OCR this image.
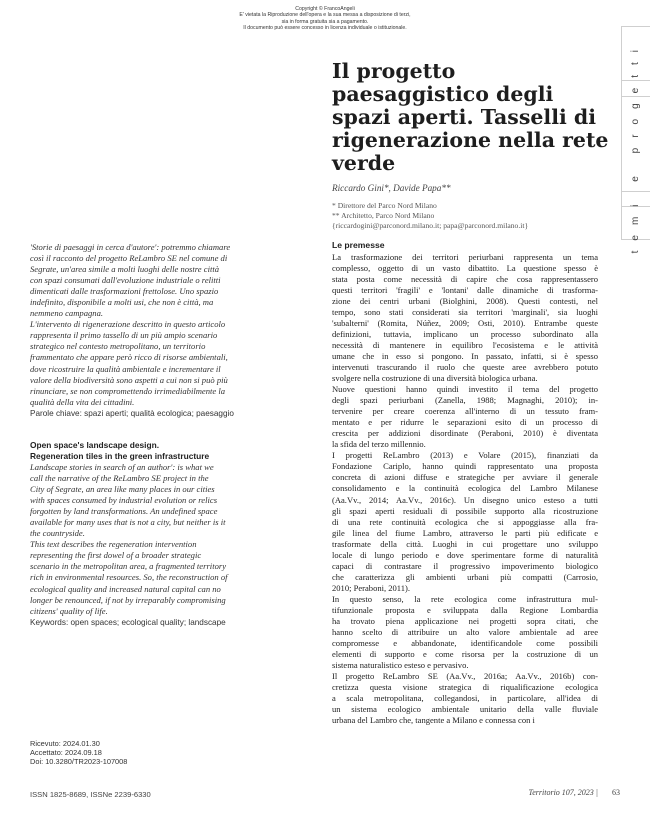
Copyright © FrancoAngeli
E' vietata la Riproduzione dell'opera e la sua messa a disposizione di terzi,
sia in forma gratuita sia a pagamento.
Il documento può essere concesso in licenza individuale o istituzionale.
temi e progetti
Il progetto paesaggistico degli spazi aperti. Tasselli di rigenerazione nella rete verde
Riccardo Gini*, Davide Papa**
* Direttore del Parco Nord Milano
** Architetto, Parco Nord Milano
{riccardogini@parconord.milano.it; papa@parconord.milano.it}

'Storie di paesaggi in cerca d'autore': potremmo chiamare

così il racconto del progetto ReLambro SE nel comune di

Segrate, un'area simile a molti luoghi delle nostre città

con spazi consumati dall'evoluzione industriale o relitti

dimenticati dalle trasformazioni frettolose. Uno spazio

indefinito, disponibile a molti usi, che non è città, ma

nemmeno campagna.

L'intervento di rigenerazione descritto in questo articolo

rappresenta il primo tassello di un più ampio scenario

strategico nel contesto metropolitano, un territorio

frammentato che appare però ricco di risorse ambientali,

dove ricostruire la qualità ambientale e incrementare il

valore della biodiversità sono aspetti a cui non si può più

rinunciare, se non compromettendo irrimediabilmente la

qualità della vita dei cittadini.

Parole chiave: spazi aperti; qualità ecologica; paesaggio
Open space's landscape design.
Regeneration tiles in the green infrastructure

Landscape stories in search of an author': is what we

call the narrative of the ReLambro SE project in the

City of Segrate, an area like many places in our cities

with spaces consumed by industrial evolution or relics

forgotten by land transformations. An undefined space

available for many uses that is not a city, but neither is it

the countryside.

This text describes the regeneration intervention

representing the first dowel of a broader strategic

scenario in the metropolitan area, a fragmented territory

rich in environmental resources. So, the reconstruction of

ecological quality and increased natural capital can no

longer be renounced, if not by irreparably compromising

citizens' quality of life.

Keywords: open spaces; ecological quality; landscape
Ricevuto: 2024.01.30
Accettato: 2024.09.18
Doi: 10.3280/TR2023-107008
Le premesse
La trasformazione dei territori periurbani rappresenta un tema
complesso, oggetto di un vasto dibattito. La questione spesso è
stata posta come necessità di capire che cosa rappresentassero
questi territori 'fragili' e 'lontani' dalle dinamiche di trasforma-
zione dei centri urbani (Biolghini, 2008). Questi contesti, nel
tempo, sono stati considerati sia territori 'marginali', sia luoghi
'subalterni' (Romita, Núñez, 2009; Osti, 2010). Entrambe queste
definizioni, tuttavia, implicano un processo subordinato alla
necessità di mantenere in equilibro l'ecosistema e le attività
umane che in esso si pongono. In passato, infatti, si è spesso
intervenuti trascurando il ruolo che queste aree avrebbero potuto
svolgere nella costruzione di una diversità biologica urbana.
Nuove questioni hanno quindi investito il tema del progetto
degli spazi periurbani (Zanella, 1988; Magnaghi, 2010); in-
tervenire per creare coerenza all'interno di un tessuto fram-
mentato e per ridurre le separazioni esito di un processo di
crescita per addizioni disordinate (Peraboni, 2010) è diventata
la sfida del terzo millennio.
I progetti ReLambro (2013) e Volare (2015), finanziati da
Fondazione Cariplo, hanno quindi rappresentato una proposta
concreta di azioni diffuse e strategiche per avviare il generale
consolidamento e la continuità ecologica del Lambro Milanese
(Aa.Vv., 2014; Aa.Vv., 2016c). Un disegno unico esteso a tutti
gli spazi aperti residuali di possibile supporto alla ricostruzione
di una rete continuità ecologica che si appoggiasse alla fra-
gile linea del fiume Lambro, attraverso le parti più edificate e
trasformate della città. Luoghi in cui progettare uno sviluppo
locale di lungo periodo e dove sperimentare forme di naturalità
capaci di contrastare il progressivo impoverimento biologico
che caratterizza gli ambienti urbani più compatti (Carrosio,
2010; Peraboni, 2011).
In questo senso, la rete ecologica come infrastruttura mul-
tifunzionale proposta e sviluppata dalla Regione Lombardia
ha trovato piena applicazione nei progetti sopra citati, che
hanno scelto di attribuire un alto valore ambientale ad aree
compromesse e abbandonate, identificandole come possibili
elementi di supporto e come risorsa per la costruzione di un
sistema naturalistico esteso e pervasivo.
Il progetto ReLambro SE (Aa.Vv., 2016a; Aa.Vv., 2016b) con-
cretizza questa visione strategica di riqualificazione ecologica
a scala metropolitana, collegandosi, in particolare, all'idea di
un sistema ecologico ambientale unitario della valle fluviale
urbana del Lambro che, tangente a Milano e connessa con i
ISSN 1825-8689, ISSNe 2239-6330	Territorio 107, 2023 | 63
